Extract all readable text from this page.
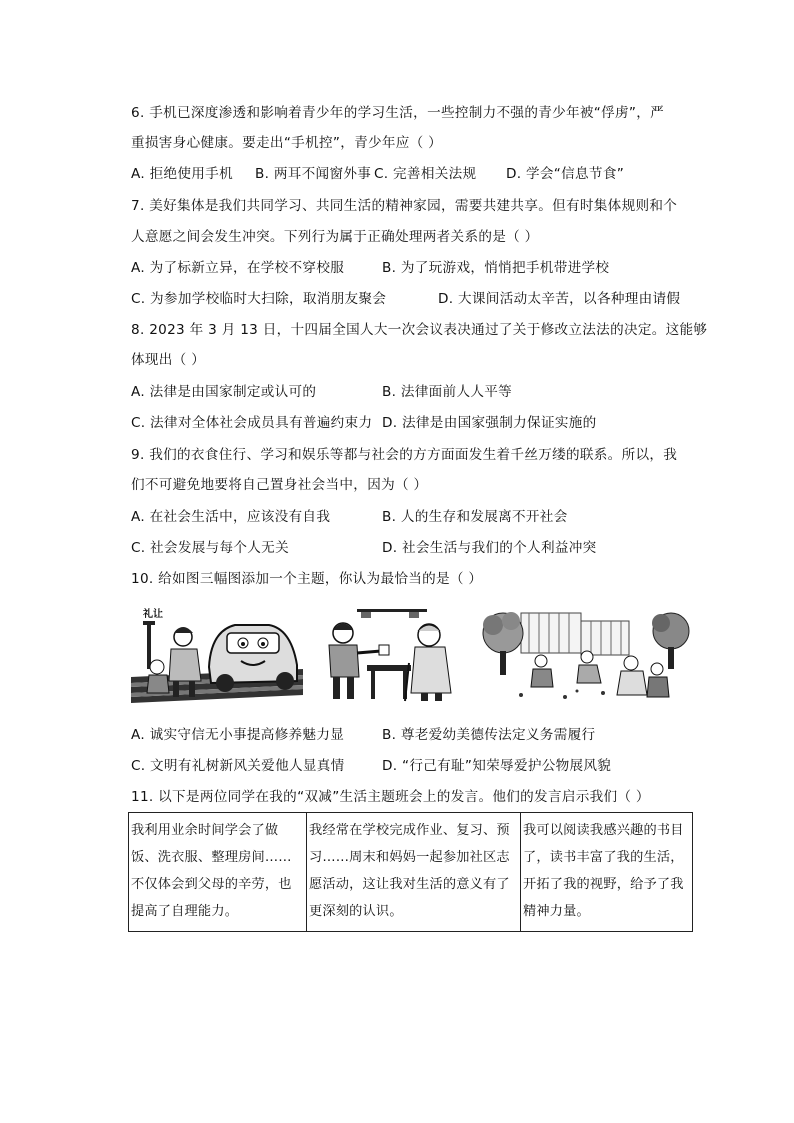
6. 手机已深度渗透和影响着青少年的学习生活，一些控制力不强的青少年被“俘虏”，严
重损害身心健康。要走出“手机控”，青少年应（ ）
A. 拒绝使用手机 B. 两耳不闻窗外事 C. 完善相关法规 D. 学会“信息节食”
7. 美好集体是我们共同学习、共同生活的精神家园，需要共建共享。但有时集体规则和个
人意愿之间会发生冲突。下列行为属于正确处理两者关系的是（ ）
A. 为了标新立异，在学校不穿校服	B. 为了玩游戏，悄悄把手机带进学校
C. 为参加学校临时大扫除，取消朋友聚会	D. 大课间活动太辛苦，以各种理由请假
8. 2023 年 3 月 13 日，十四届全国人大一次会议表决通过了关于修改立法法的决定。这能够
体现出（ ）
A. 法律是由国家制定或认可的	B. 法律面前人人平等
C. 法律对全体社会成员具有普遍约束力 D. 法律是由国家强制力保证实施的
9. 我们的衣食住行、学习和娱乐等都与社会的方方面面发生着千丝万缕的联系。所以，我
们不可避免地要将自己置身社会当中，因为（ ）
A. 在社会生活中，应该没有自我	B. 人的生存和发展离不开社会
C. 社会发展与每个人无关	D. 社会生活与我们的个人利益冲突
10. 给如图三幅图添加一个主题，你认为最恰当的是（ ）
礼让
A. 诚实守信无小事提高修养魅力显	B. 尊老爱幼美德传法定义务需履行
C. 文明有礼树新风关爱他人显真情	D. “行己有耻”知荣辱爱护公物展风貌
11. 以下是两位同学在我的“双减”生活主题班会上的发言。他们的发言启示我们（ ）
我利用业余时间学会了做饭、洗衣服、整理房间……不仅体会到父母的辛劳，也提高了自理能力。	我经常在学校完成作业、复习、预习……周末和妈妈一起参加社区志愿活动，这让我对生活的意义有了更深刻的认识。	我可以阅读我感兴趣的书目了，读书丰富了我的生活，开拓了我的视野，给予了我精神力量。
